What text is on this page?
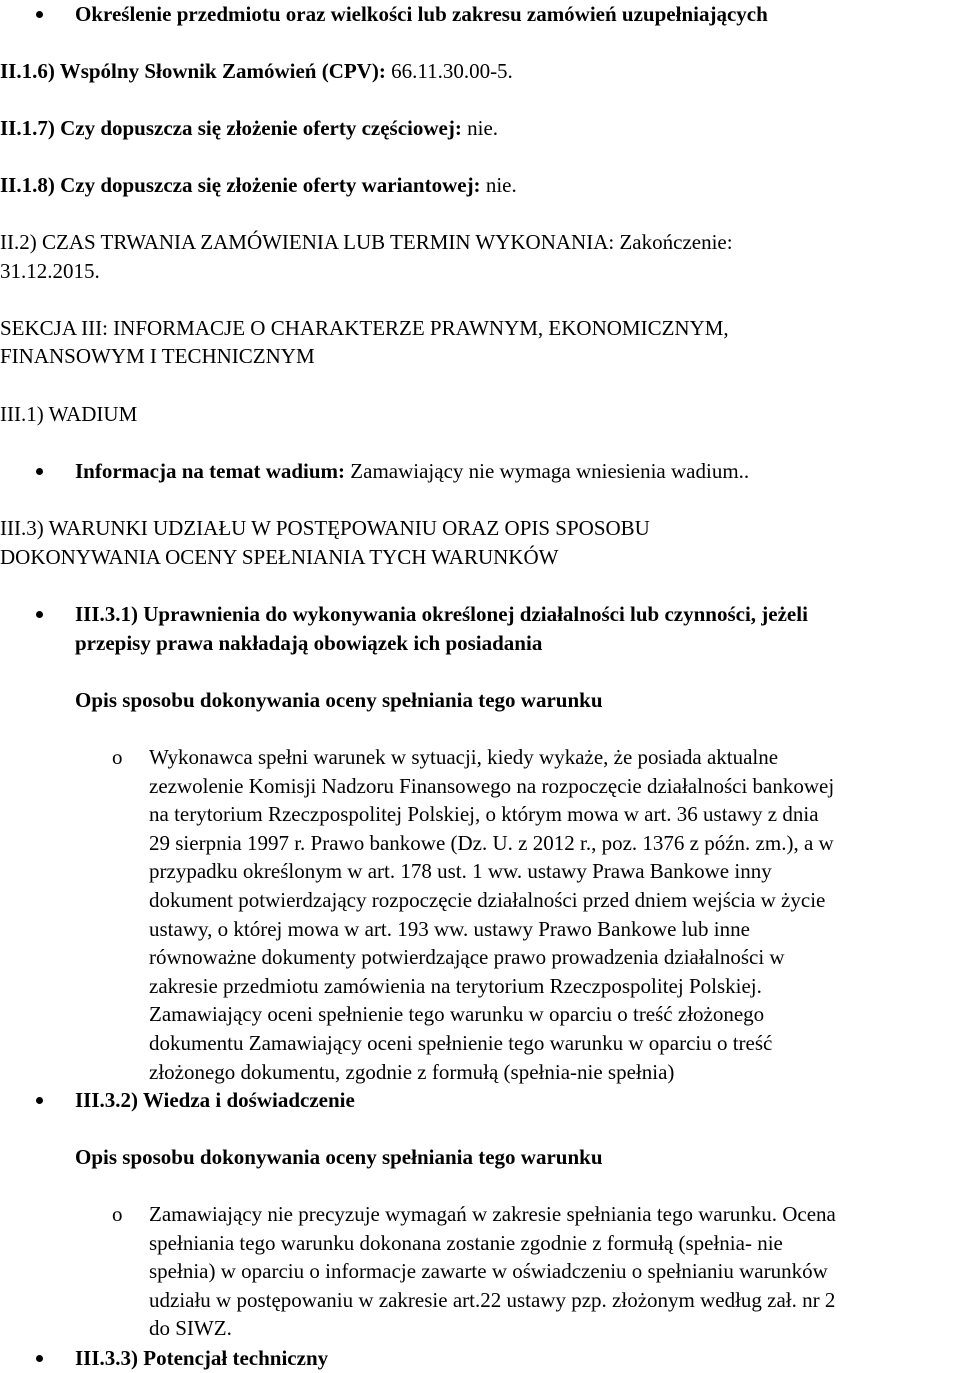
Określenie przedmiotu oraz wielkości lub zakresu zamówień uzupełniających
II.1.6) Wspólny Słownik Zamówień (CPV): 66.11.30.00-5.
II.1.7) Czy dopuszcza się złożenie oferty częściowej: nie.
II.1.8) Czy dopuszcza się złożenie oferty wariantowej: nie.
II.2) CZAS TRWANIA ZAMÓWIENIA LUB TERMIN WYKONANIA: Zakończenie:
31.12.2015.
SEKCJA III: INFORMACJE O CHARAKTERZE PRAWNYM, EKONOMICZNYM,
FINANSOWYM I TECHNICZNYM
III.1) WADIUM
Informacja na temat wadium: Zamawiający nie wymaga wniesienia wadium..
III.3) WARUNKI UDZIAŁU W POSTĘPOWANIU ORAZ OPIS SPOSOBU
DOKONYWANIA OCENY SPEŁNIANIA TYCH WARUNKÓW
III.3.1) Uprawnienia do wykonywania określonej działalności lub czynności, jeżeli
przepisy prawa nakładają obowiązek ich posiadania
Opis sposobu dokonywania oceny spełniania tego warunku
o Wykonawca spełni warunek w sytuacji, kiedy wykaże, że posiada aktualne
zezwolenie Komisji Nadzoru Finansowego na rozpoczęcie działalności bankowej
na terytorium Rzeczpospolitej Polskiej, o którym mowa w art. 36 ustawy z dnia
29 sierpnia 1997 r. Prawo bankowe (Dz. U. z 2012 r., poz. 1376 z późn. zm.), a w
przypadku określonym w art. 178 ust. 1 ww. ustawy Prawa Bankowe inny
dokument potwierdzający rozpoczęcie działalności przed dniem wejścia w życie
ustawy, o której mowa w art. 193 ww. ustawy Prawo Bankowe lub inne
równoważne dokumenty potwierdzające prawo prowadzenia działalności w
zakresie przedmiotu zamówienia na terytorium Rzeczpospolitej Polskiej.
Zamawiający oceni spełnienie tego warunku w oparciu o treść złożonego
dokumentu Zamawiający oceni spełnienie tego warunku w oparciu o treść
złożonego dokumentu, zgodnie z formułą (spełnia-nie spełnia)
III.3.2) Wiedza i doświadczenie
Opis sposobu dokonywania oceny spełniania tego warunku
o Zamawiający nie precyzuje wymagań w zakresie spełniania tego warunku. Ocena
spełniania tego warunku dokonana zostanie zgodnie z formułą (spełnia- nie
spełnia) w oparciu o informacje zawarte w oświadczeniu o spełnianiu warunków
udziału w postępowaniu w zakresie art.22 ustawy pzp. złożonym według zał. nr 2
do SIWZ.
III.3.3) Potencjał techniczny
